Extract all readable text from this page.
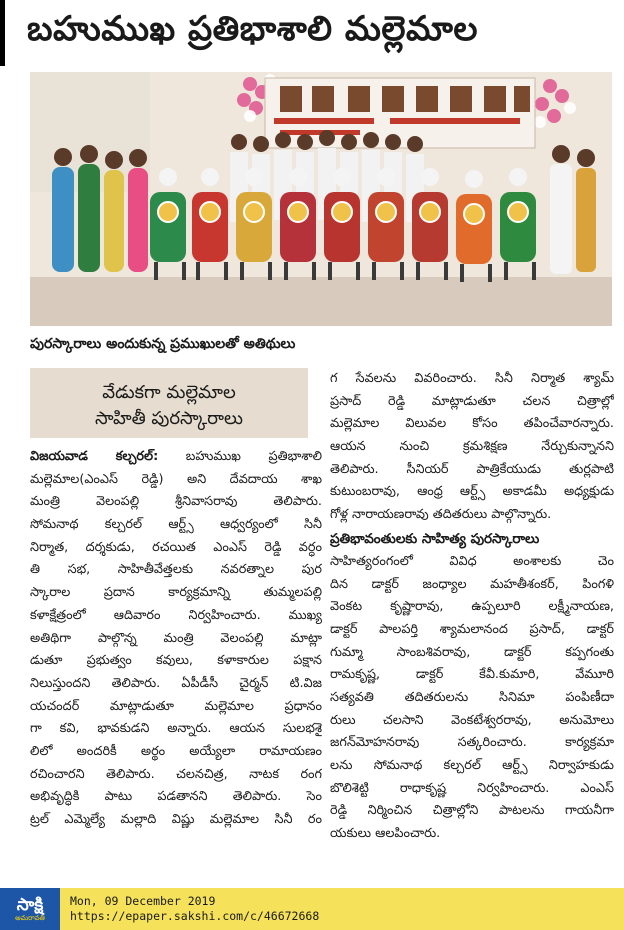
బహుముఖ ప్రతిభాశాలి మల్లెమాల
పురస్కారాలు అందుకున్న ప్రముఖులతో అతిథులు
వేడుకగా మల్లెమాల
సాహితీ పురస్కారాలు
విజయవాడ కల్చరల్: బహుముఖ ప్రతిభాశాలి
మల్లెమాల(ఎంఎస్ రెడ్డి) అని దేవదాయ శాఖ
మంత్రి వెలంపల్లి శ్రీనివాసరావు తెలిపారు.
సోమనాథ కల్చరల్ ఆర్ట్స్ ఆధ్వర్యంలో సినీ
నిర్మాత, దర్శకుడు, రచయిత ఎంఎస్ రెడ్డి వర్ధం
తి సభ, సాహితీవేత్తలకు నవరత్నాల పుర
స్కారాల ప్రదాన కార్యక్రమాన్ని తుమ్మలపల్లి
కళాక్షేత్రంలో ఆదివారం నిర్వహించారు. ముఖ్య
అతిథిగా పాల్గొన్న మంత్రి వెలంపల్లి మాట్లా
డుతూ ప్రభుత్వం కవులు, కళాకారుల పక్షాన
నిలుస్తుందని తెలిపారు. ఏపీడీసీ చైర్మన్ టి.విజ
యచందర్ మాట్లాడుతూ మల్లెమాల ప్రధానం
గా కవి, భావకుడని అన్నారు. ఆయన సులభశై
లిలో అందరికీ అర్థం అయ్యేలా రామాయణం
రచించారని తెలిపారు. చలనచిత్ర, నాటక రంగ
అభివృద్ధికి పాటు పడతానని తెలిపారు. సెం
ట్రల్ ఎమ్మెల్యే మల్లాది విష్ణు మల్లెమాల సినీ రం
గ సేవలను వివరించారు. సినీ నిర్మాత శ్యామ్
ప్రసాద్ రెడ్డి మాట్లాడుతూ చలన చిత్రాల్లో
మల్లెమాల విలువల కోసం తపించేవారన్నారు.
ఆయన నుంచి క్రమశిక్షణ నేర్చుకున్నానని
తెలిపారు. సీనియర్ పాత్రికేయుడు తుర్లపాటి
కుటుంబరావు, ఆంధ్ర ఆర్ట్స్ అకాడమీ అధ్యక్షుడు
గోళ్ల నారాయణరావు తదితరులు పాల్గొన్నారు.
ప్రతిభావంతులకు సాహిత్య పురస్కారాలు
సాహిత్యరంగంలో వివిధ అంశాలకు చెం
దిన డాక్టర్ జంధ్యాల మహతీశంకర్, పింగ‌ళి
వెంకట కృష్ణారావు, ఉప్పలూరి లక్ష్మీనాయణ,
డాక్టర్ పాలపర్తి శ్యామలానంద ప్రసాద్, డాక్టర్
గుమ్మా సాంబశివరావు, డాక్టర్ కప్పగంతు
రామకృష్ణ, డాక్టర్ కేవీ.కుమారి, వేమూరి
సత్యవతి తదితరులను సినిమా పంపిణీదా
రులు చలసాని వెంకటేశ్వరరావు, అనుమోలు
జగన్‌మోహనరావు సత్కరించారు. కార్యక్రమా
లను సోమనాథ కల్చరల్ ఆర్ట్స్ నిర్వాహకుడు
బొలిశెట్టి రాధాకృష్ణ నిర్వహించారు. ఎంఎస్
రెడ్డి నిర్మించిన చిత్రాల్లోని పాటలను గాయనీగా
యకులు ఆలపించారు.
సాక్షి
అమరావతి
Mon, 09 December 2019
https://epaper.sakshi.com/c/46672668
